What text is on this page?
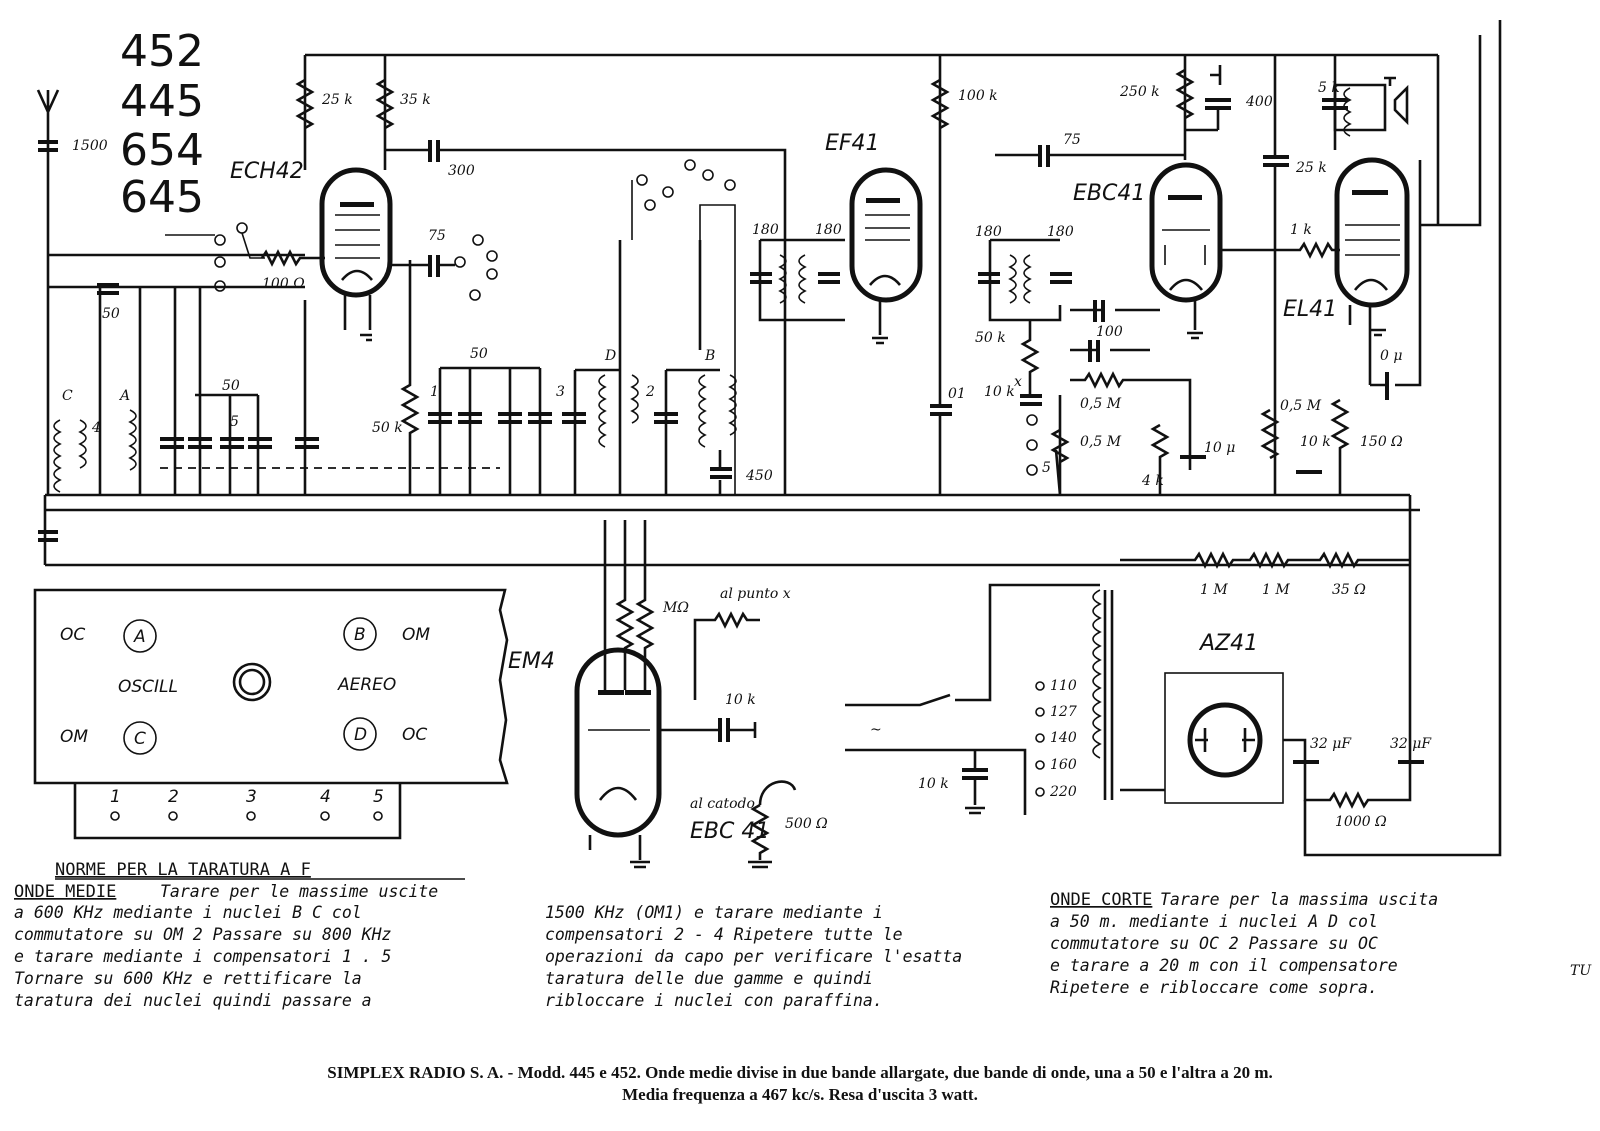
452
445
654
645
1500
50
C	A
50
4	5
100 Ω
ECH42
25 k	35 k
300
75
50 k
50
1	3
D
2
B
450
EF41
180	180
100 k
01
EBC41
75
250 k
400
180	180
50 k
x
10 k
100
0,5 M
0,5 M
4 k
10 μ
5
EL41
5 k
25 k
1 k
0 μ
0,5 M
10 k 150 Ω
1 M 1 M	35 Ω
~
10 k
110
127
140
160
220
AZ41
1000 Ω
32 μF	32 μF
EM4
MΩ
al punto x
10 k
al catodo
EBC 41 500 Ω
OC
OM
OM
OC
A	B
C	D
OSCILL	AEREO
1	2	3	4 5
NORME PER LA TARATURA A F
ONDE MEDIE	Tarare per le massime uscite
a 600 KHz mediante i nuclei B C col
commutatore su OM 2 Passare su 800 KHz
e tarare mediante i compensatori 1 . 5
Tornare su 600 KHz e rettificare la
taratura dei nuclei quindi passare a
1500 KHz (OM1) e tarare mediante i
compensatori 2 - 4 Ripetere tutte le
operazioni da capo per verificare l'esatta
taratura delle due gamme e quindi
ribloccare i nuclei con paraffina.
ONDE CORTE Tarare per la massima uscita
a 50 m. mediante i nuclei A D col
commutatore su OC 2 Passare su OC
e tarare a 20 m con il compensatore
Ripetere e ribloccare come sopra.
TU
SIMPLEX RADIO S. A. - Modd. 445 e 452. Onde medie divise in due bande allargate, due bande di onde, una a 50 e l'altra a 20 m.
Media frequenza a 467 kc/s. Resa d'uscita 3 watt.
